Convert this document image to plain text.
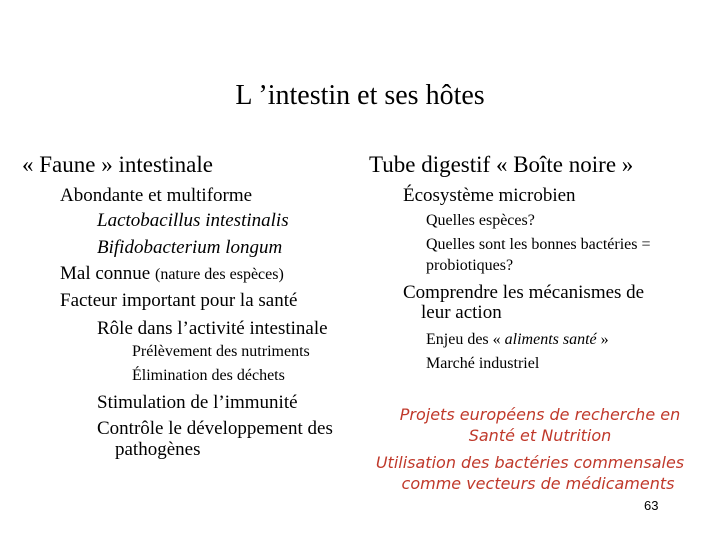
L ’intestin et ses hôtes
« Faune » intestinale
Abondante et multiforme
Lactobacillus intestinalis
Bifidobacterium longum
Mal connue (nature des espèces)
Facteur important pour la santé
Rôle dans l’activité intestinale
Prélèvement des nutriments
Élimination des déchets
Stimulation de l’immunité
Contrôle le développement des
pathogènes
Tube digestif « Boîte noire »
Écosystème microbien
Quelles espèces?
Quelles sont les bonnes bactéries =
probiotiques?
Comprendre les mécanismes de
leur action
Enjeu des « aliments santé »
Marché industriel
Projets européens de recherche en
Santé et Nutrition
Utilisation des bactéries commensales
comme vecteurs de médicaments
63
